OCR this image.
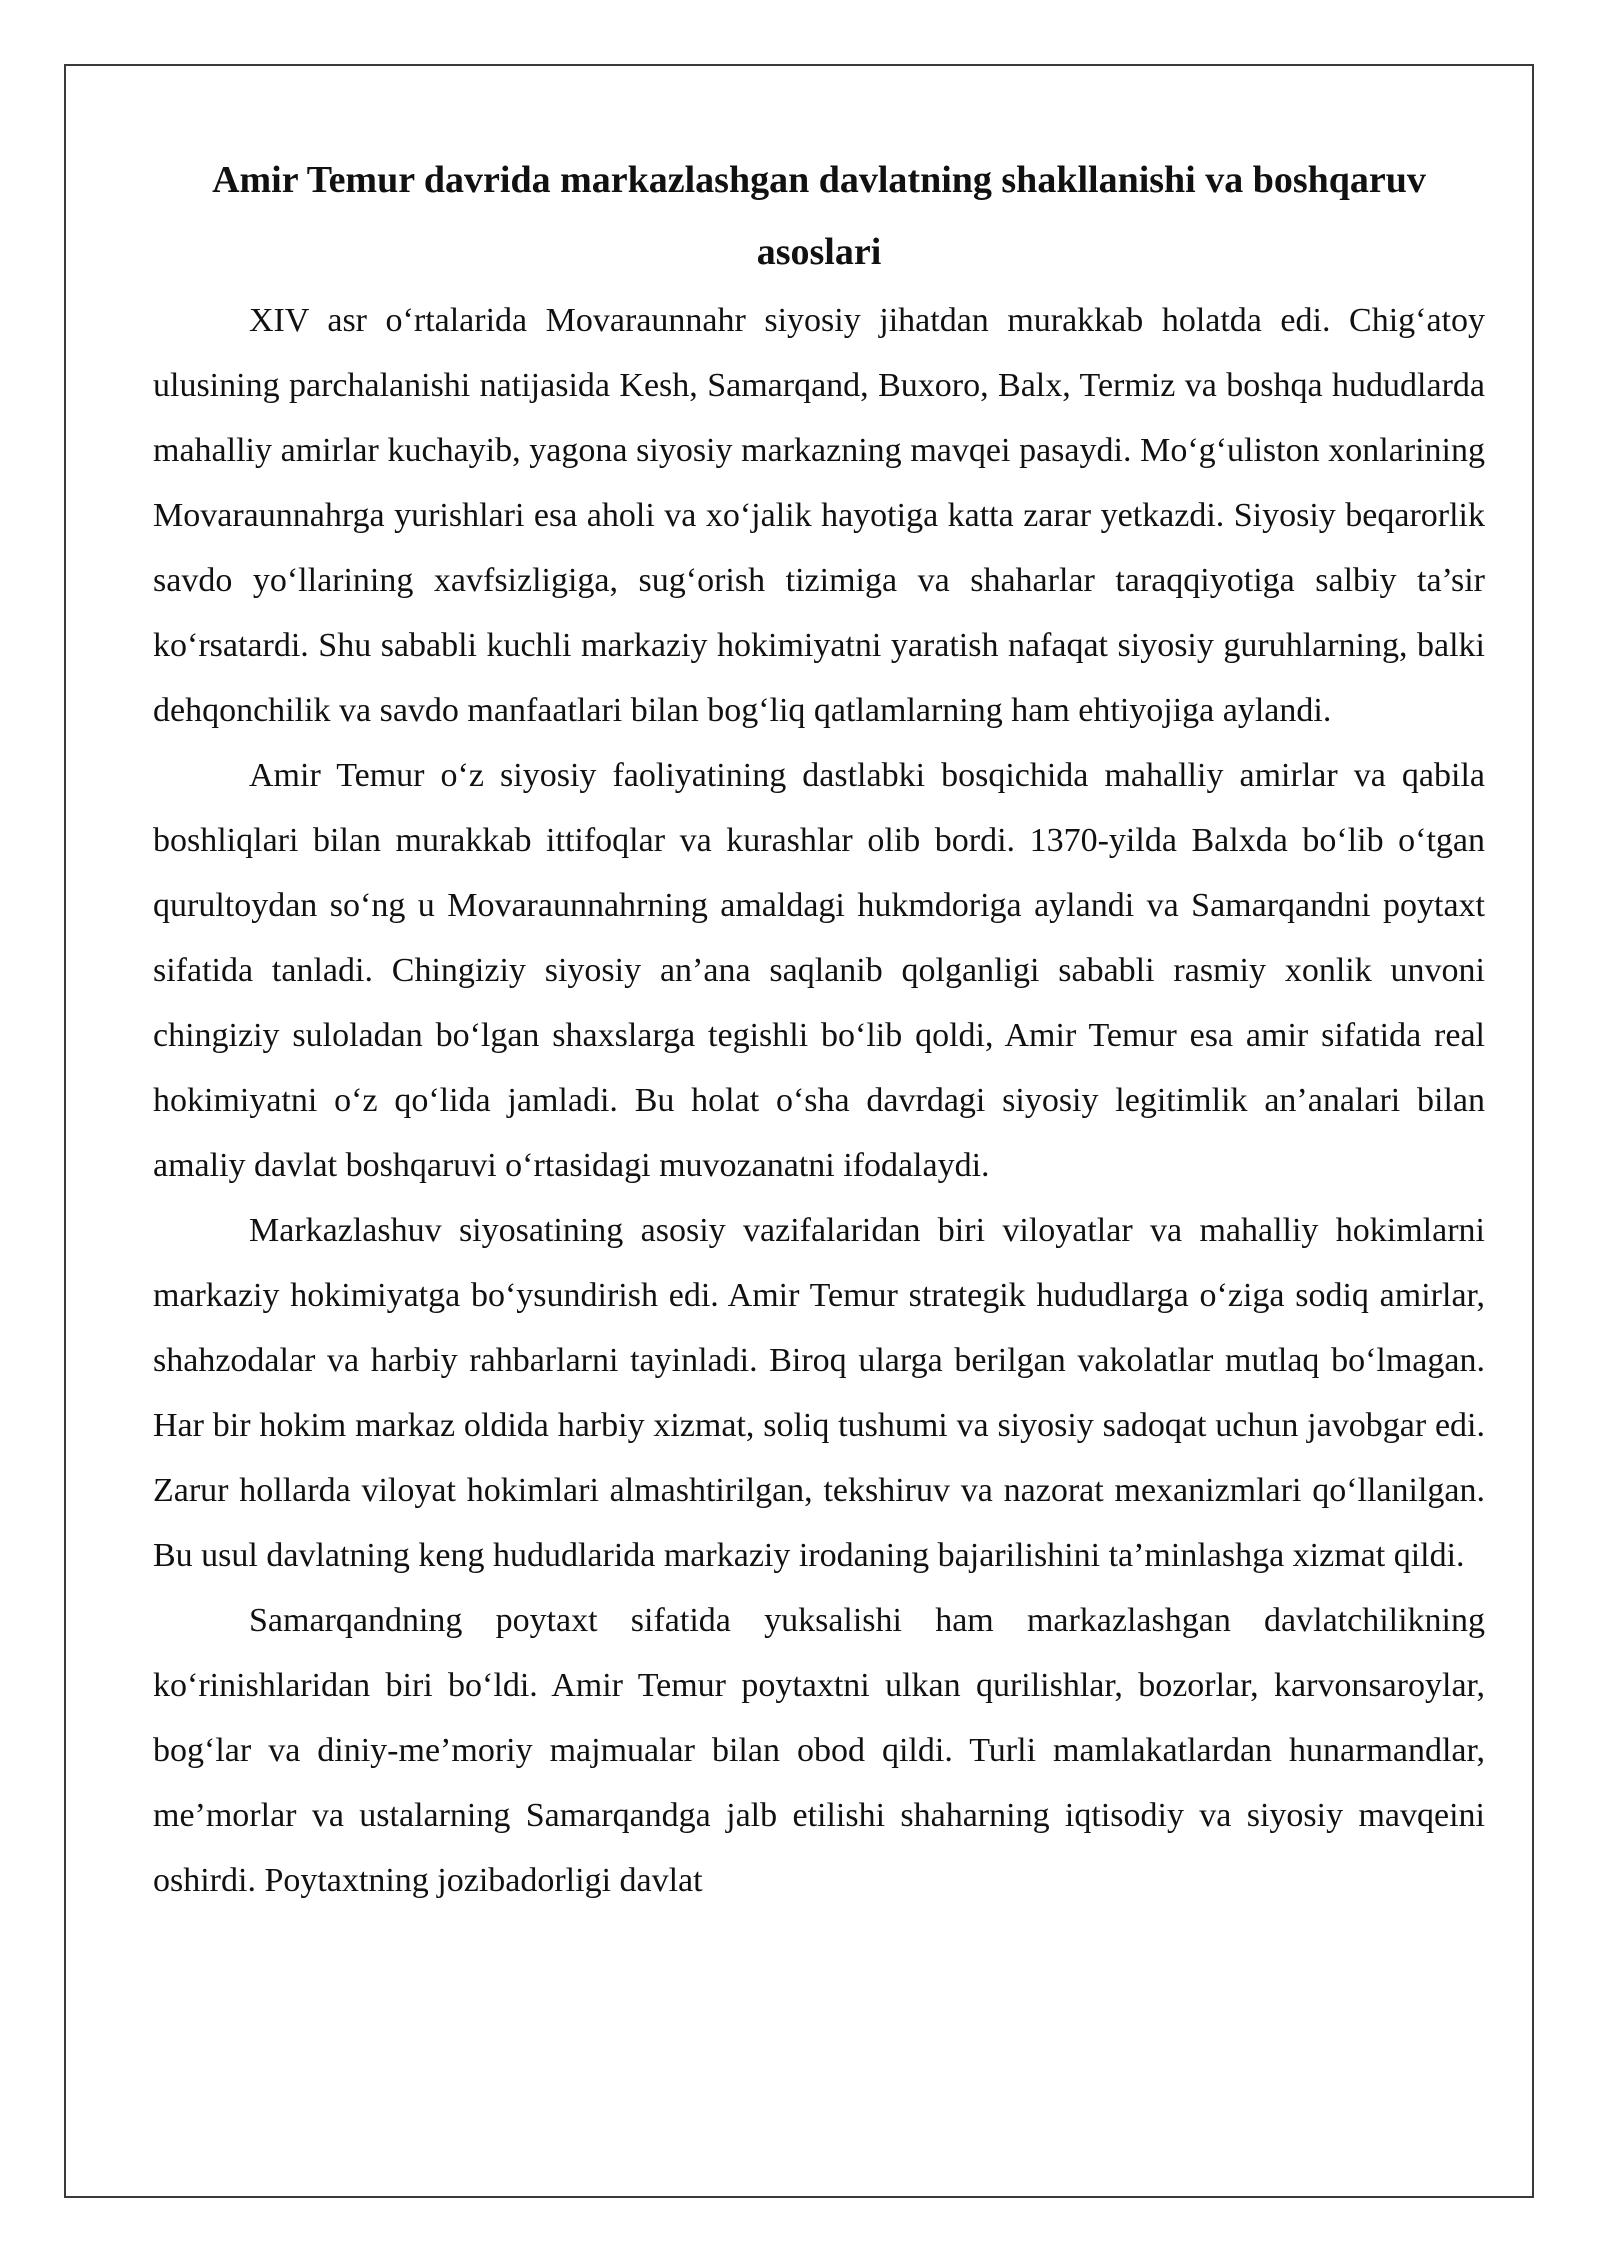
Amir Temur davrida markazlashgan davlatning shakllanishi va boshqaruv asoslari

XIV asr o‘rtalarida Movaraunnahr siyosiy jihatdan murakkab holatda edi. Chig‘atoy ulusining parchalanishi natijasida Kesh, Samarqand, Buxoro, Balx, Termiz va boshqa hududlarda mahalliy amirlar kuchayib, yagona siyosiy markazning mavqei pasaydi. Mo‘g‘uliston xonlarining Movaraunnahrga yurishlari esa aholi va xo‘jalik hayotiga katta zarar yetkazdi. Siyosiy beqarorlik savdo yo‘llarining xavfsizligiga, sug‘orish tizimiga va shaharlar taraqqiyotiga salbiy ta’sir ko‘rsatardi. Shu sababli kuchli markaziy hokimiyatni yaratish nafaqat siyosiy guruhlarning, balki dehqonchilik va savdo manfaatlari bilan bog‘liq qatlamlarning ham ehtiyojiga aylandi.

Amir Temur o‘z siyosiy faoliyatining dastlabki bosqichida mahalliy amirlar va qabila boshliqlari bilan murakkab ittifoqlar va kurashlar olib bordi. 1370-yilda Balxda bo‘lib o‘tgan qurultoydan so‘ng u Movaraunnahrning amaldagi hukmdoriga aylandi va Samarqandni poytaxt sifatida tanladi. Chingiziy siyosiy an’ana saqlanib qolganligi sababli rasmiy xonlik unvoni chingiziy suloladan bo‘lgan shaxslarga tegishli bo‘lib qoldi, Amir Temur esa amir sifatida real hokimiyatni o‘z qo‘lida jamladi. Bu holat o‘sha davrdagi siyosiy legitimlik an’analari bilan amaliy davlat boshqaruvi o‘rtasidagi muvozanatni ifodalaydi.

Markazlashuv siyosatining asosiy vazifalaridan biri viloyatlar va mahalliy hokimlarni markaziy hokimiyatga bo‘ysundirish edi. Amir Temur strategik hududlarga o‘ziga sodiq amirlar, shahzodalar va harbiy rahbarlarni tayinladi. Biroq ularga berilgan vakolatlar mutlaq bo‘lmagan. Har bir hokim markaz oldida harbiy xizmat, soliq tushumi va siyosiy sadoqat uchun javobgar edi. Zarur hollarda viloyat hokimlari almashtirilgan, tekshiruv va nazorat mexanizmlari qo‘llanilgan. Bu usul davlatning keng hududlarida markaziy irodaning bajarilishini ta’minlashga xizmat qildi.

Samarqandning poytaxt sifatida yuksalishi ham markazlashgan davlatchilikning ko‘rinishlaridan biri bo‘ldi. Amir Temur poytaxtni ulkan qurilishlar, bozorlar, karvonsaroylar, bog‘lar va diniy-me’moriy majmualar bilan obod qildi. Turli mamlakatlardan hunarmandlar, me’morlar va ustalarning Samarqandga jalb etilishi shaharning iqtisodiy va siyosiy mavqeini oshirdi. Poytaxtning jozibadorligi davlat
